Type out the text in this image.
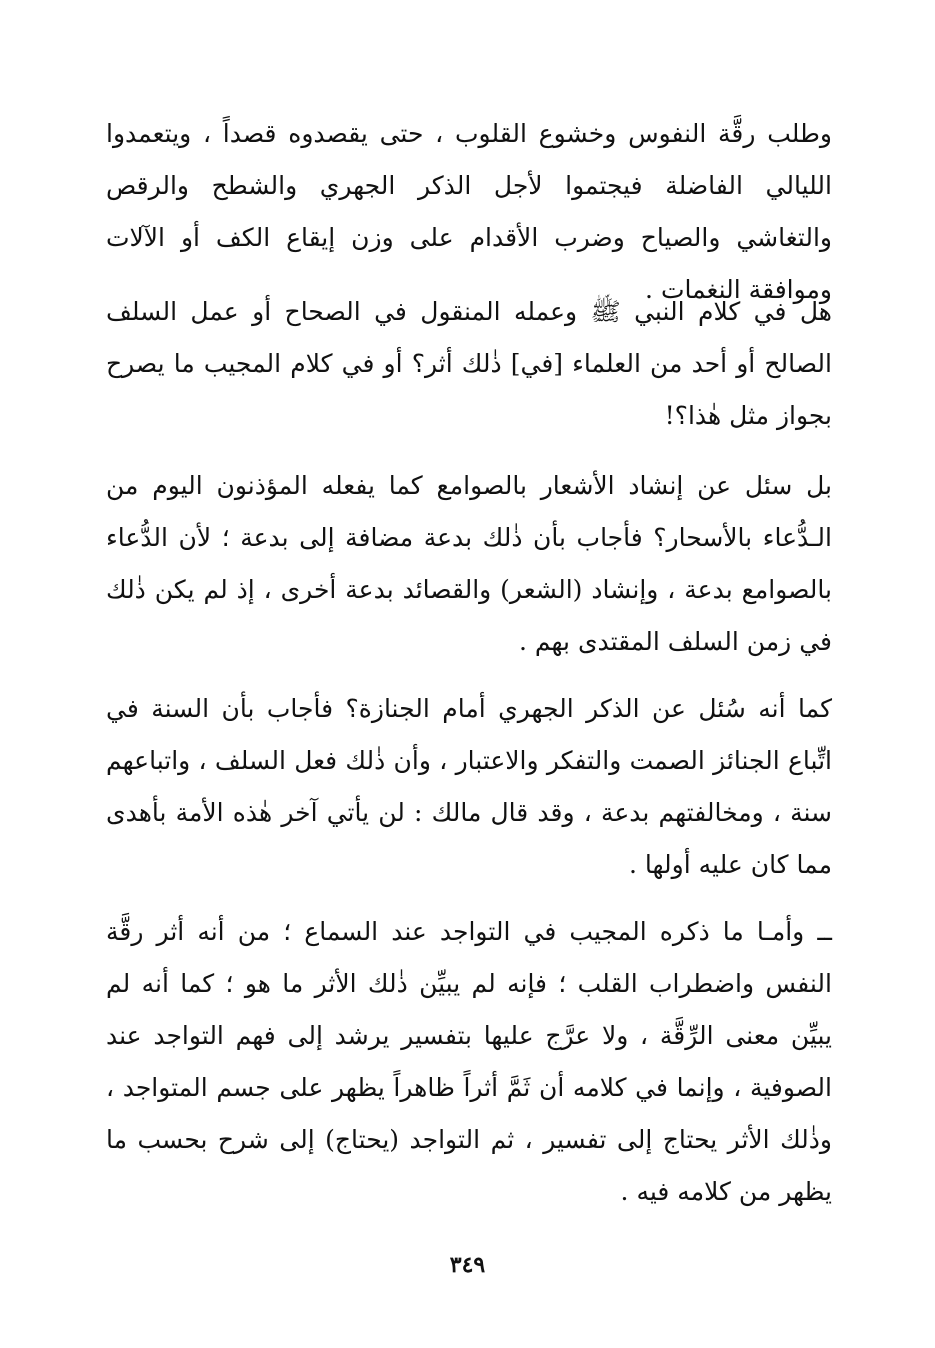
وطلب رقَّة النفوس وخشوع القلوب ، حتى يقصدوه قصداً ، ويتعمدوا الليالي الفاضلة فيجتموا لأجل الذكر الجهري والشطح والرقص والتغاشي والصياح وضرب الأقدام على وزن إيقاع الكف أو الآلات وموافقة النغمات .

هل في كلام النبي ﷺ وعمله المنقول في الصحاح أو عمل السلف الصالح أو أحد من العلماء [في] ذٰلك أثر؟ أو في كلام المجيب ما يصرح بجواز مثل هٰذا؟!

بل سئل عن إنشاد الأشعار بالصوامع كما يفعله المؤذنون اليوم من الـدُّعاء بالأسحار؟ فأجاب بأن ذٰلك بدعة مضافة إلى بدعة ؛ لأن الدُّعاء بالصوامع بدعة ، وإنشاد (الشعر) والقصائد بدعة أخرى ، إذ لم يكن ذٰلك في زمن السلف المقتدى بهم .

كما أنه سُئل عن الذكر الجهري أمام الجنازة؟ فأجاب بأن السنة في اتِّباع الجنائز الصمت والتفكر والاعتبار ، وأن ذٰلك فعل السلف ، واتباعهم سنة ، ومخالفتهم بدعة ، وقد قال مالك : لن يأتي آخر هٰذه الأمة بأهدى مما كان عليه أولها .

ــ وأمـا ما ذكره المجيب في التواجد عند السماع ؛ من أنه أثر رقَّة النفس واضطراب القلب ؛ فإنه لم يبيِّن ذٰلك الأثر ما هو ؛ كما أنه لم يبيِّن معنى الرِّقَّة ، ولا عرَّج عليها بتفسير يرشد إلى فهم التواجد عند الصوفية ، وإنما في كلامه أن ثَمَّ أثراً ظاهراً يظهر على جسم المتواجد ، وذٰلك الأثر يحتاج إلى تفسير ، ثم التواجد (يحتاج) إلى شرح بحسب ما يظهر من كلامه فيه .

٣٤٩
